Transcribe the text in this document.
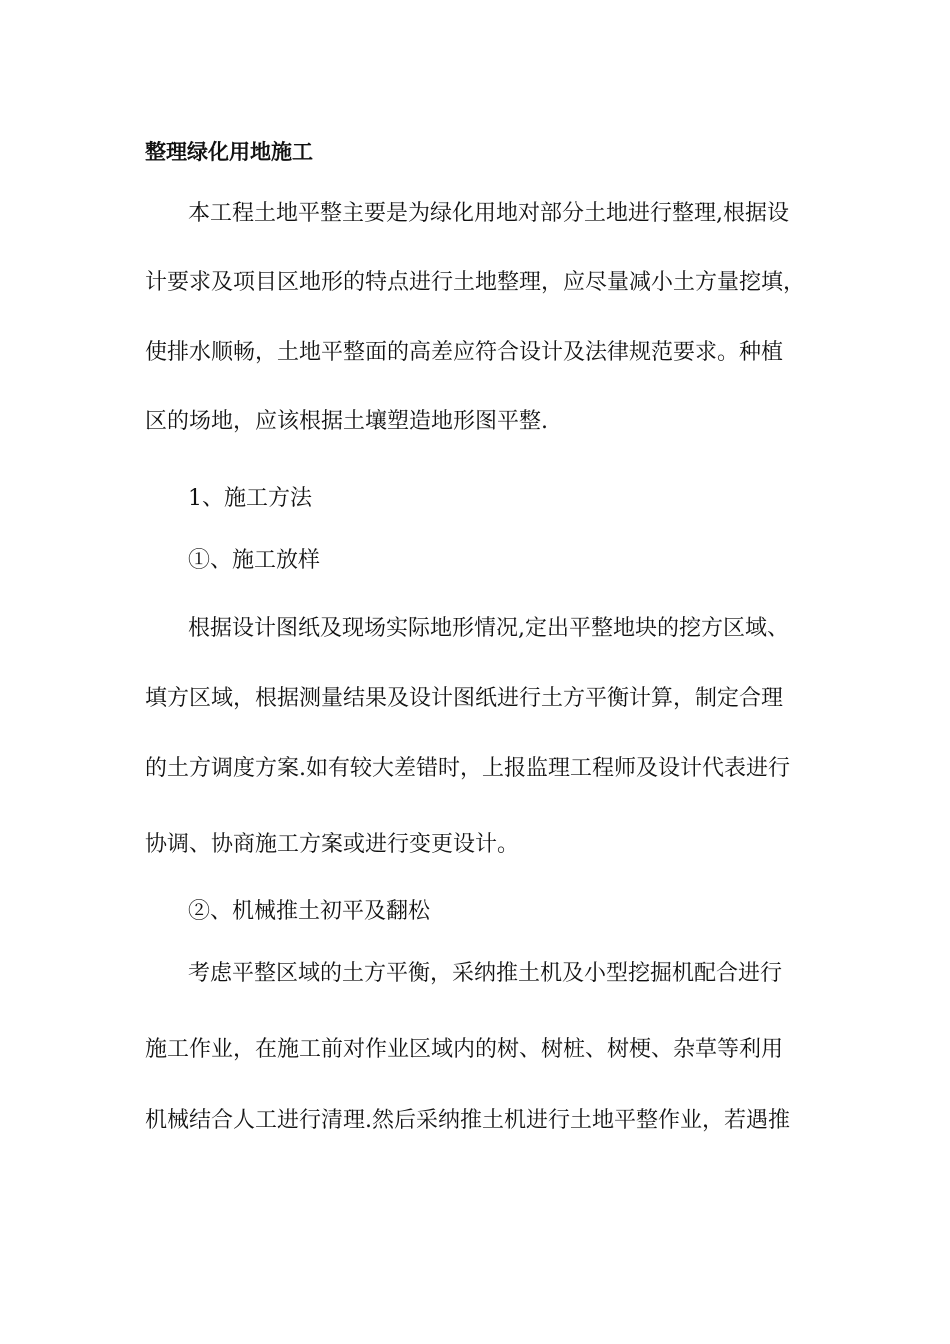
整理绿化用地施工
本工程土地平整主要是为绿化用地对部分土地进行整理,根据设
计要求及项目区地形的特点进行土地整理，应尽量减小土方量挖填，
使排水顺畅，土地平整面的高差应符合设计及法律规范要求。种植
区的场地，应该根据土壤塑造地形图平整.
1、施工方法
①、施工放样
根据设计图纸及现场实际地形情况,定出平整地块的挖方区域、
填方区域，根据测量结果及设计图纸进行土方平衡计算，制定合理
的土方调度方案.如有较大差错时，上报监理工程师及设计代表进行
协调、协商施工方案或进行变更设计。
②、机械推土初平及翻松
考虑平整区域的土方平衡，采纳推土机及小型挖掘机配合进行
施工作业，在施工前对作业区域内的树、树桩、树梗、杂草等利用
机械结合人工进行清理.然后采纳推土机进行土地平整作业，若遇推
